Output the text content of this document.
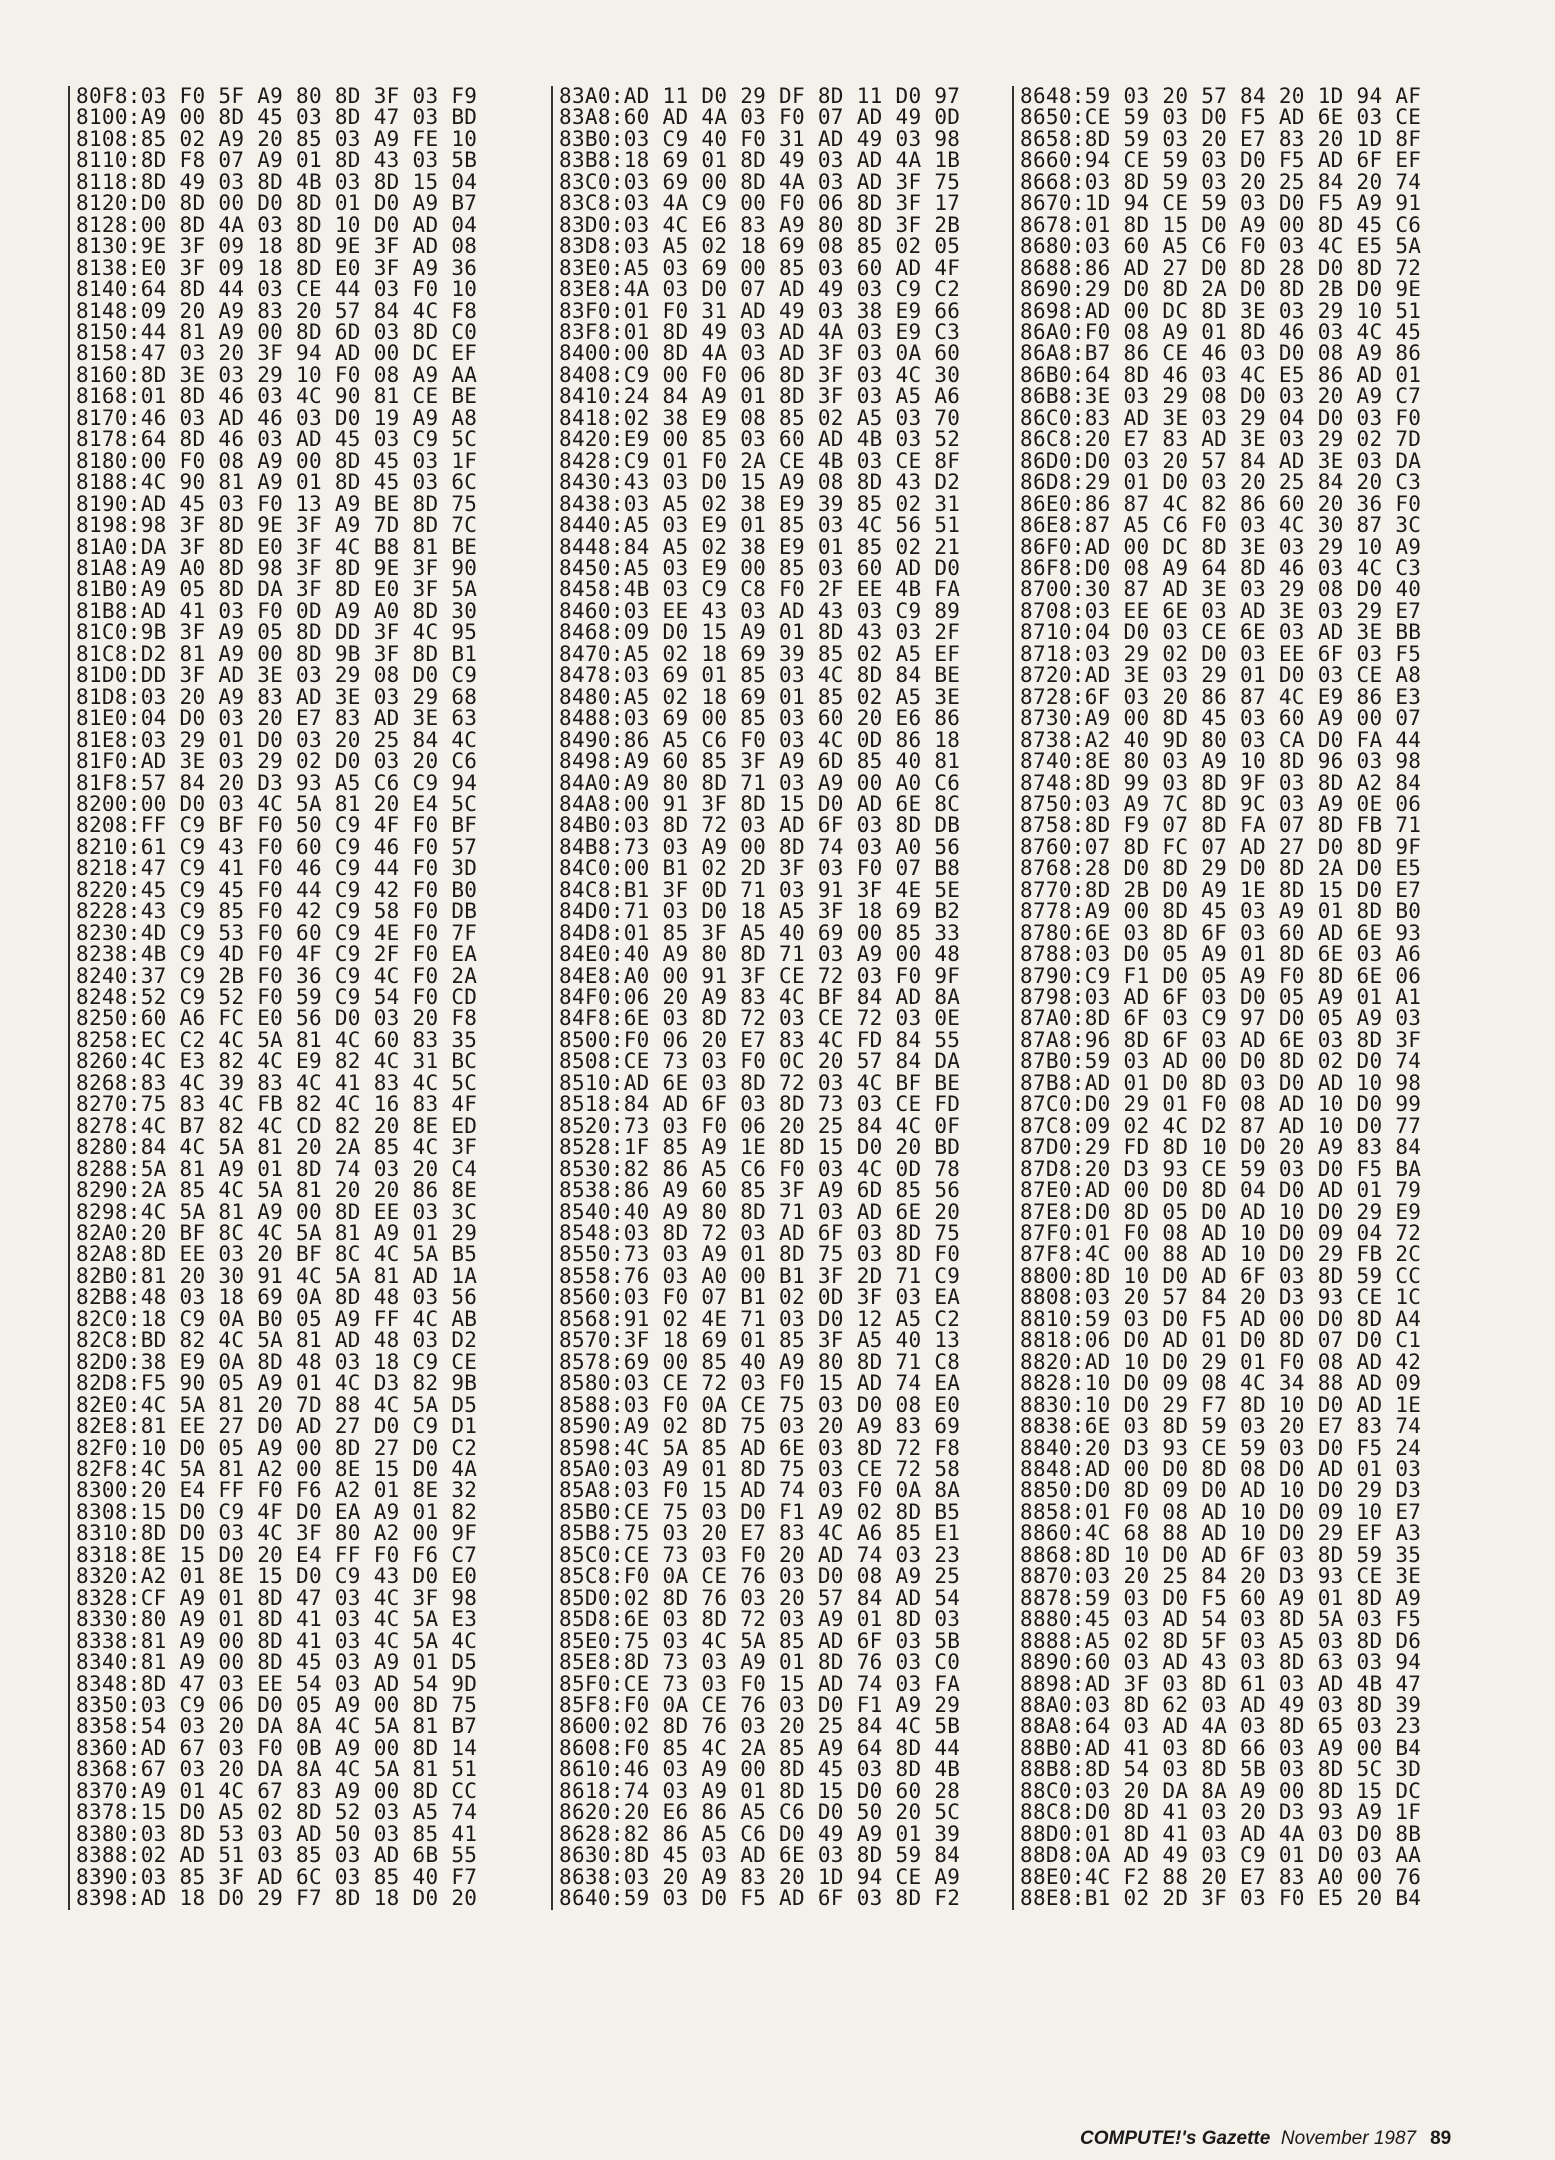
80F8:03 F0 5F A9 80 8D 3F 03 F9
8100:A9 00 8D 45 03 8D 47 03 BD
8108:85 02 A9 20 85 03 A9 FE 10
8110:8D F8 07 A9 01 8D 43 03 5B
8118:8D 49 03 8D 4B 03 8D 15 04
8120:D0 8D 00 D0 8D 01 D0 A9 B7
8128:00 8D 4A 03 8D 10 D0 AD 04
8130:9E 3F 09 18 8D 9E 3F AD 08
8138:E0 3F 09 18 8D E0 3F A9 36
8140:64 8D 44 03 CE 44 03 F0 10
8148:09 20 A9 83 20 57 84 4C F8
8150:44 81 A9 00 8D 6D 03 8D C0
8158:47 03 20 3F 94 AD 00 DC EF
8160:8D 3E 03 29 10 F0 08 A9 AA
8168:01 8D 46 03 4C 90 81 CE BE
8170:46 03 AD 46 03 D0 19 A9 A8
8178:64 8D 46 03 AD 45 03 C9 5C
8180:00 F0 08 A9 00 8D 45 03 1F
8188:4C 90 81 A9 01 8D 45 03 6C
8190:AD 45 03 F0 13 A9 BE 8D 75
8198:98 3F 8D 9E 3F A9 7D 8D 7C
81A0:DA 3F 8D E0 3F 4C B8 81 BE
81A8:A9 A0 8D 98 3F 8D 9E 3F 90
81B0:A9 05 8D DA 3F 8D E0 3F 5A
81B8:AD 41 03 F0 0D A9 A0 8D 30
81C0:9B 3F A9 05 8D DD 3F 4C 95
81C8:D2 81 A9 00 8D 9B 3F 8D B1
81D0:DD 3F AD 3E 03 29 08 D0 C9
81D8:03 20 A9 83 AD 3E 03 29 68
81E0:04 D0 03 20 E7 83 AD 3E 63
81E8:03 29 01 D0 03 20 25 84 4C
81F0:AD 3E 03 29 02 D0 03 20 C6
81F8:57 84 20 D3 93 A5 C6 C9 94
8200:00 D0 03 4C 5A 81 20 E4 5C
8208:FF C9 BF F0 50 C9 4F F0 BF
8210:61 C9 43 F0 60 C9 46 F0 57
8218:47 C9 41 F0 46 C9 44 F0 3D
8220:45 C9 45 F0 44 C9 42 F0 B0
8228:43 C9 85 F0 42 C9 58 F0 DB
8230:4D C9 53 F0 60 C9 4E F0 7F
8238:4B C9 4D F0 4F C9 2F F0 EA
8240:37 C9 2B F0 36 C9 4C F0 2A
8248:52 C9 52 F0 59 C9 54 F0 CD
8250:60 A6 FC E0 56 D0 03 20 F8
8258:EC C2 4C 5A 81 4C 60 83 35
8260:4C E3 82 4C E9 82 4C 31 BC
8268:83 4C 39 83 4C 41 83 4C 5C
8270:75 83 4C FB 82 4C 16 83 4F
8278:4C B7 82 4C CD 82 20 8E ED
8280:84 4C 5A 81 20 2A 85 4C 3F
8288:5A 81 A9 01 8D 74 03 20 C4
8290:2A 85 4C 5A 81 20 20 86 8E
8298:4C 5A 81 A9 00 8D EE 03 3C
82A0:20 BF 8C 4C 5A 81 A9 01 29
82A8:8D EE 03 20 BF 8C 4C 5A B5
82B0:81 20 30 91 4C 5A 81 AD 1A
82B8:48 03 18 69 0A 8D 48 03 56
82C0:18 C9 0A B0 05 A9 FF 4C AB
82C8:BD 82 4C 5A 81 AD 48 03 D2
82D0:38 E9 0A 8D 48 03 18 C9 CE
82D8:F5 90 05 A9 01 4C D3 82 9B
82E0:4C 5A 81 20 7D 88 4C 5A D5
82E8:81 EE 27 D0 AD 27 D0 C9 D1
82F0:10 D0 05 A9 00 8D 27 D0 C2
82F8:4C 5A 81 A2 00 8E 15 D0 4A
8300:20 E4 FF F0 F6 A2 01 8E 32
8308:15 D0 C9 4F D0 EA A9 01 82
8310:8D D0 03 4C 3F 80 A2 00 9F
8318:8E 15 D0 20 E4 FF F0 F6 C7
8320:A2 01 8E 15 D0 C9 43 D0 E0
8328:CF A9 01 8D 47 03 4C 3F 98
8330:80 A9 01 8D 41 03 4C 5A E3
8338:81 A9 00 8D 41 03 4C 5A 4C
8340:81 A9 00 8D 45 03 A9 01 D5
8348:8D 47 03 EE 54 03 AD 54 9D
8350:03 C9 06 D0 05 A9 00 8D 75
8358:54 03 20 DA 8A 4C 5A 81 B7
8360:AD 67 03 F0 0B A9 00 8D 14
8368:67 03 20 DA 8A 4C 5A 81 51
8370:A9 01 4C 67 83 A9 00 8D CC
8378:15 D0 A5 02 8D 52 03 A5 74
8380:03 8D 53 03 AD 50 03 85 41
8388:02 AD 51 03 85 03 AD 6B 55
8390:03 85 3F AD 6C 03 85 40 F7
8398:AD 18 D0 29 F7 8D 18 D0 20
83A0:AD 11 D0 29 DF 8D 11 D0 97
83A8:60 AD 4A 03 F0 07 AD 49 0D
83B0:03 C9 40 F0 31 AD 49 03 98
83B8:18 69 01 8D 49 03 AD 4A 1B
83C0:03 69 00 8D 4A 03 AD 3F 75
83C8:03 4A C9 00 F0 06 8D 3F 17
83D0:03 4C E6 83 A9 80 8D 3F 2B
83D8:03 A5 02 18 69 08 85 02 05
83E0:A5 03 69 00 85 03 60 AD 4F
83E8:4A 03 D0 07 AD 49 03 C9 C2
83F0:01 F0 31 AD 49 03 38 E9 66
83F8:01 8D 49 03 AD 4A 03 E9 C3
8400:00 8D 4A 03 AD 3F 03 0A 60
8408:C9 00 F0 06 8D 3F 03 4C 30
8410:24 84 A9 01 8D 3F 03 A5 A6
8418:02 38 E9 08 85 02 A5 03 70
8420:E9 00 85 03 60 AD 4B 03 52
8428:C9 01 F0 2A CE 4B 03 CE 8F
8430:43 03 D0 15 A9 08 8D 43 D2
8438:03 A5 02 38 E9 39 85 02 31
8440:A5 03 E9 01 85 03 4C 56 51
8448:84 A5 02 38 E9 01 85 02 21
8450:A5 03 E9 00 85 03 60 AD D0
8458:4B 03 C9 C8 F0 2F EE 4B FA
8460:03 EE 43 03 AD 43 03 C9 89
8468:09 D0 15 A9 01 8D 43 03 2F
8470:A5 02 18 69 39 85 02 A5 EF
8478:03 69 01 85 03 4C 8D 84 BE
8480:A5 02 18 69 01 85 02 A5 3E
8488:03 69 00 85 03 60 20 E6 86
8490:86 A5 C6 F0 03 4C 0D 86 18
8498:A9 60 85 3F A9 6D 85 40 81
84A0:A9 80 8D 71 03 A9 00 A0 C6
84A8:00 91 3F 8D 15 D0 AD 6E 8C
84B0:03 8D 72 03 AD 6F 03 8D DB
84B8:73 03 A9 00 8D 74 03 A0 56
84C0:00 B1 02 2D 3F 03 F0 07 B8
84C8:B1 3F 0D 71 03 91 3F 4E 5E
84D0:71 03 D0 18 A5 3F 18 69 B2
84D8:01 85 3F A5 40 69 00 85 33
84E0:40 A9 80 8D 71 03 A9 00 48
84E8:A0 00 91 3F CE 72 03 F0 9F
84F0:06 20 A9 83 4C BF 84 AD 8A
84F8:6E 03 8D 72 03 CE 72 03 0E
8500:F0 06 20 E7 83 4C FD 84 55
8508:CE 73 03 F0 0C 20 57 84 DA
8510:AD 6E 03 8D 72 03 4C BF BE
8518:84 AD 6F 03 8D 73 03 CE FD
8520:73 03 F0 06 20 25 84 4C 0F
8528:1F 85 A9 1E 8D 15 D0 20 BD
8530:82 86 A5 C6 F0 03 4C 0D 78
8538:86 A9 60 85 3F A9 6D 85 56
8540:40 A9 80 8D 71 03 AD 6E 20
8548:03 8D 72 03 AD 6F 03 8D 75
8550:73 03 A9 01 8D 75 03 8D F0
8558:76 03 A0 00 B1 3F 2D 71 C9
8560:03 F0 07 B1 02 0D 3F 03 EA
8568:91 02 4E 71 03 D0 12 A5 C2
8570:3F 18 69 01 85 3F A5 40 13
8578:69 00 85 40 A9 80 8D 71 C8
8580:03 CE 72 03 F0 15 AD 74 EA
8588:03 F0 0A CE 75 03 D0 08 E0
8590:A9 02 8D 75 03 20 A9 83 69
8598:4C 5A 85 AD 6E 03 8D 72 F8
85A0:03 A9 01 8D 75 03 CE 72 58
85A8:03 F0 15 AD 74 03 F0 0A 8A
85B0:CE 75 03 D0 F1 A9 02 8D B5
85B8:75 03 20 E7 83 4C A6 85 E1
85C0:CE 73 03 F0 20 AD 74 03 23
85C8:F0 0A CE 76 03 D0 08 A9 25
85D0:02 8D 76 03 20 57 84 AD 54
85D8:6E 03 8D 72 03 A9 01 8D 03
85E0:75 03 4C 5A 85 AD 6F 03 5B
85E8:8D 73 03 A9 01 8D 76 03 C0
85F0:CE 73 03 F0 15 AD 74 03 FA
85F8:F0 0A CE 76 03 D0 F1 A9 29
8600:02 8D 76 03 20 25 84 4C 5B
8608:F0 85 4C 2A 85 A9 64 8D 44
8610:46 03 A9 00 8D 45 03 8D 4B
8618:74 03 A9 01 8D 15 D0 60 28
8620:20 E6 86 A5 C6 D0 50 20 5C
8628:82 86 A5 C6 D0 49 A9 01 39
8630:8D 45 03 AD 6E 03 8D 59 84
8638:03 20 A9 83 20 1D 94 CE A9
8640:59 03 D0 F5 AD 6F 03 8D F2
8648:59 03 20 57 84 20 1D 94 AF
8650:CE 59 03 D0 F5 AD 6E 03 CE
8658:8D 59 03 20 E7 83 20 1D 8F
8660:94 CE 59 03 D0 F5 AD 6F EF
8668:03 8D 59 03 20 25 84 20 74
8670:1D 94 CE 59 03 D0 F5 A9 91
8678:01 8D 15 D0 A9 00 8D 45 C6
8680:03 60 A5 C6 F0 03 4C E5 5A
8688:86 AD 27 D0 8D 28 D0 8D 72
8690:29 D0 8D 2A D0 8D 2B D0 9E
8698:AD 00 DC 8D 3E 03 29 10 51
86A0:F0 08 A9 01 8D 46 03 4C 45
86A8:B7 86 CE 46 03 D0 08 A9 86
86B0:64 8D 46 03 4C E5 86 AD 01
86B8:3E 03 29 08 D0 03 20 A9 C7
86C0:83 AD 3E 03 29 04 D0 03 F0
86C8:20 E7 83 AD 3E 03 29 02 7D
86D0:D0 03 20 57 84 AD 3E 03 DA
86D8:29 01 D0 03 20 25 84 20 C3
86E0:86 87 4C 82 86 60 20 36 F0
86E8:87 A5 C6 F0 03 4C 30 87 3C
86F0:AD 00 DC 8D 3E 03 29 10 A9
86F8:D0 08 A9 64 8D 46 03 4C C3
8700:30 87 AD 3E 03 29 08 D0 40
8708:03 EE 6E 03 AD 3E 03 29 E7
8710:04 D0 03 CE 6E 03 AD 3E BB
8718:03 29 02 D0 03 EE 6F 03 F5
8720:AD 3E 03 29 01 D0 03 CE A8
8728:6F 03 20 86 87 4C E9 86 E3
8730:A9 00 8D 45 03 60 A9 00 07
8738:A2 40 9D 80 03 CA D0 FA 44
8740:8E 80 03 A9 10 8D 96 03 98
8748:8D 99 03 8D 9F 03 8D A2 84
8750:03 A9 7C 8D 9C 03 A9 0E 06
8758:8D F9 07 8D FA 07 8D FB 71
8760:07 8D FC 07 AD 27 D0 8D 9F
8768:28 D0 8D 29 D0 8D 2A D0 E5
8770:8D 2B D0 A9 1E 8D 15 D0 E7
8778:A9 00 8D 45 03 A9 01 8D B0
8780:6E 03 8D 6F 03 60 AD 6E 93
8788:03 D0 05 A9 01 8D 6E 03 A6
8790:C9 F1 D0 05 A9 F0 8D 6E 06
8798:03 AD 6F 03 D0 05 A9 01 A1
87A0:8D 6F 03 C9 97 D0 05 A9 03
87A8:96 8D 6F 03 AD 6E 03 8D 3F
87B0:59 03 AD 00 D0 8D 02 D0 74
87B8:AD 01 D0 8D 03 D0 AD 10 98
87C0:D0 29 01 F0 08 AD 10 D0 99
87C8:09 02 4C D2 87 AD 10 D0 77
87D0:29 FD 8D 10 D0 20 A9 83 84
87D8:20 D3 93 CE 59 03 D0 F5 BA
87E0:AD 00 D0 8D 04 D0 AD 01 79
87E8:D0 8D 05 D0 AD 10 D0 29 E9
87F0:01 F0 08 AD 10 D0 09 04 72
87F8:4C 00 88 AD 10 D0 29 FB 2C
8800:8D 10 D0 AD 6F 03 8D 59 CC
8808:03 20 57 84 20 D3 93 CE 1C
8810:59 03 D0 F5 AD 00 D0 8D A4
8818:06 D0 AD 01 D0 8D 07 D0 C1
8820:AD 10 D0 29 01 F0 08 AD 42
8828:10 D0 09 08 4C 34 88 AD 09
8830:10 D0 29 F7 8D 10 D0 AD 1E
8838:6E 03 8D 59 03 20 E7 83 74
8840:20 D3 93 CE 59 03 D0 F5 24
8848:AD 00 D0 8D 08 D0 AD 01 03
8850:D0 8D 09 D0 AD 10 D0 29 D3
8858:01 F0 08 AD 10 D0 09 10 E7
8860:4C 68 88 AD 10 D0 29 EF A3
8868:8D 10 D0 AD 6F 03 8D 59 35
8870:03 20 25 84 20 D3 93 CE 3E
8878:59 03 D0 F5 60 A9 01 8D A9
8880:45 03 AD 54 03 8D 5A 03 F5
8888:A5 02 8D 5F 03 A5 03 8D D6
8890:60 03 AD 43 03 8D 63 03 94
8898:AD 3F 03 8D 61 03 AD 4B 47
88A0:03 8D 62 03 AD 49 03 8D 39
88A8:64 03 AD 4A 03 8D 65 03 23
88B0:AD 41 03 8D 66 03 A9 00 B4
88B8:8D 54 03 8D 5B 03 8D 5C 3D
88C0:03 20 DA 8A A9 00 8D 15 DC
88C8:D0 8D 41 03 20 D3 93 A9 1F
88D0:01 8D 41 03 AD 4A 03 D0 8B
88D8:0A AD 49 03 C9 01 D0 03 AA
88E0:4C F2 88 20 E7 83 A0 00 76
88E8:B1 02 2D 3F 03 F0 E5 20 B4
COMPUTE!'s Gazette November 1987 89
